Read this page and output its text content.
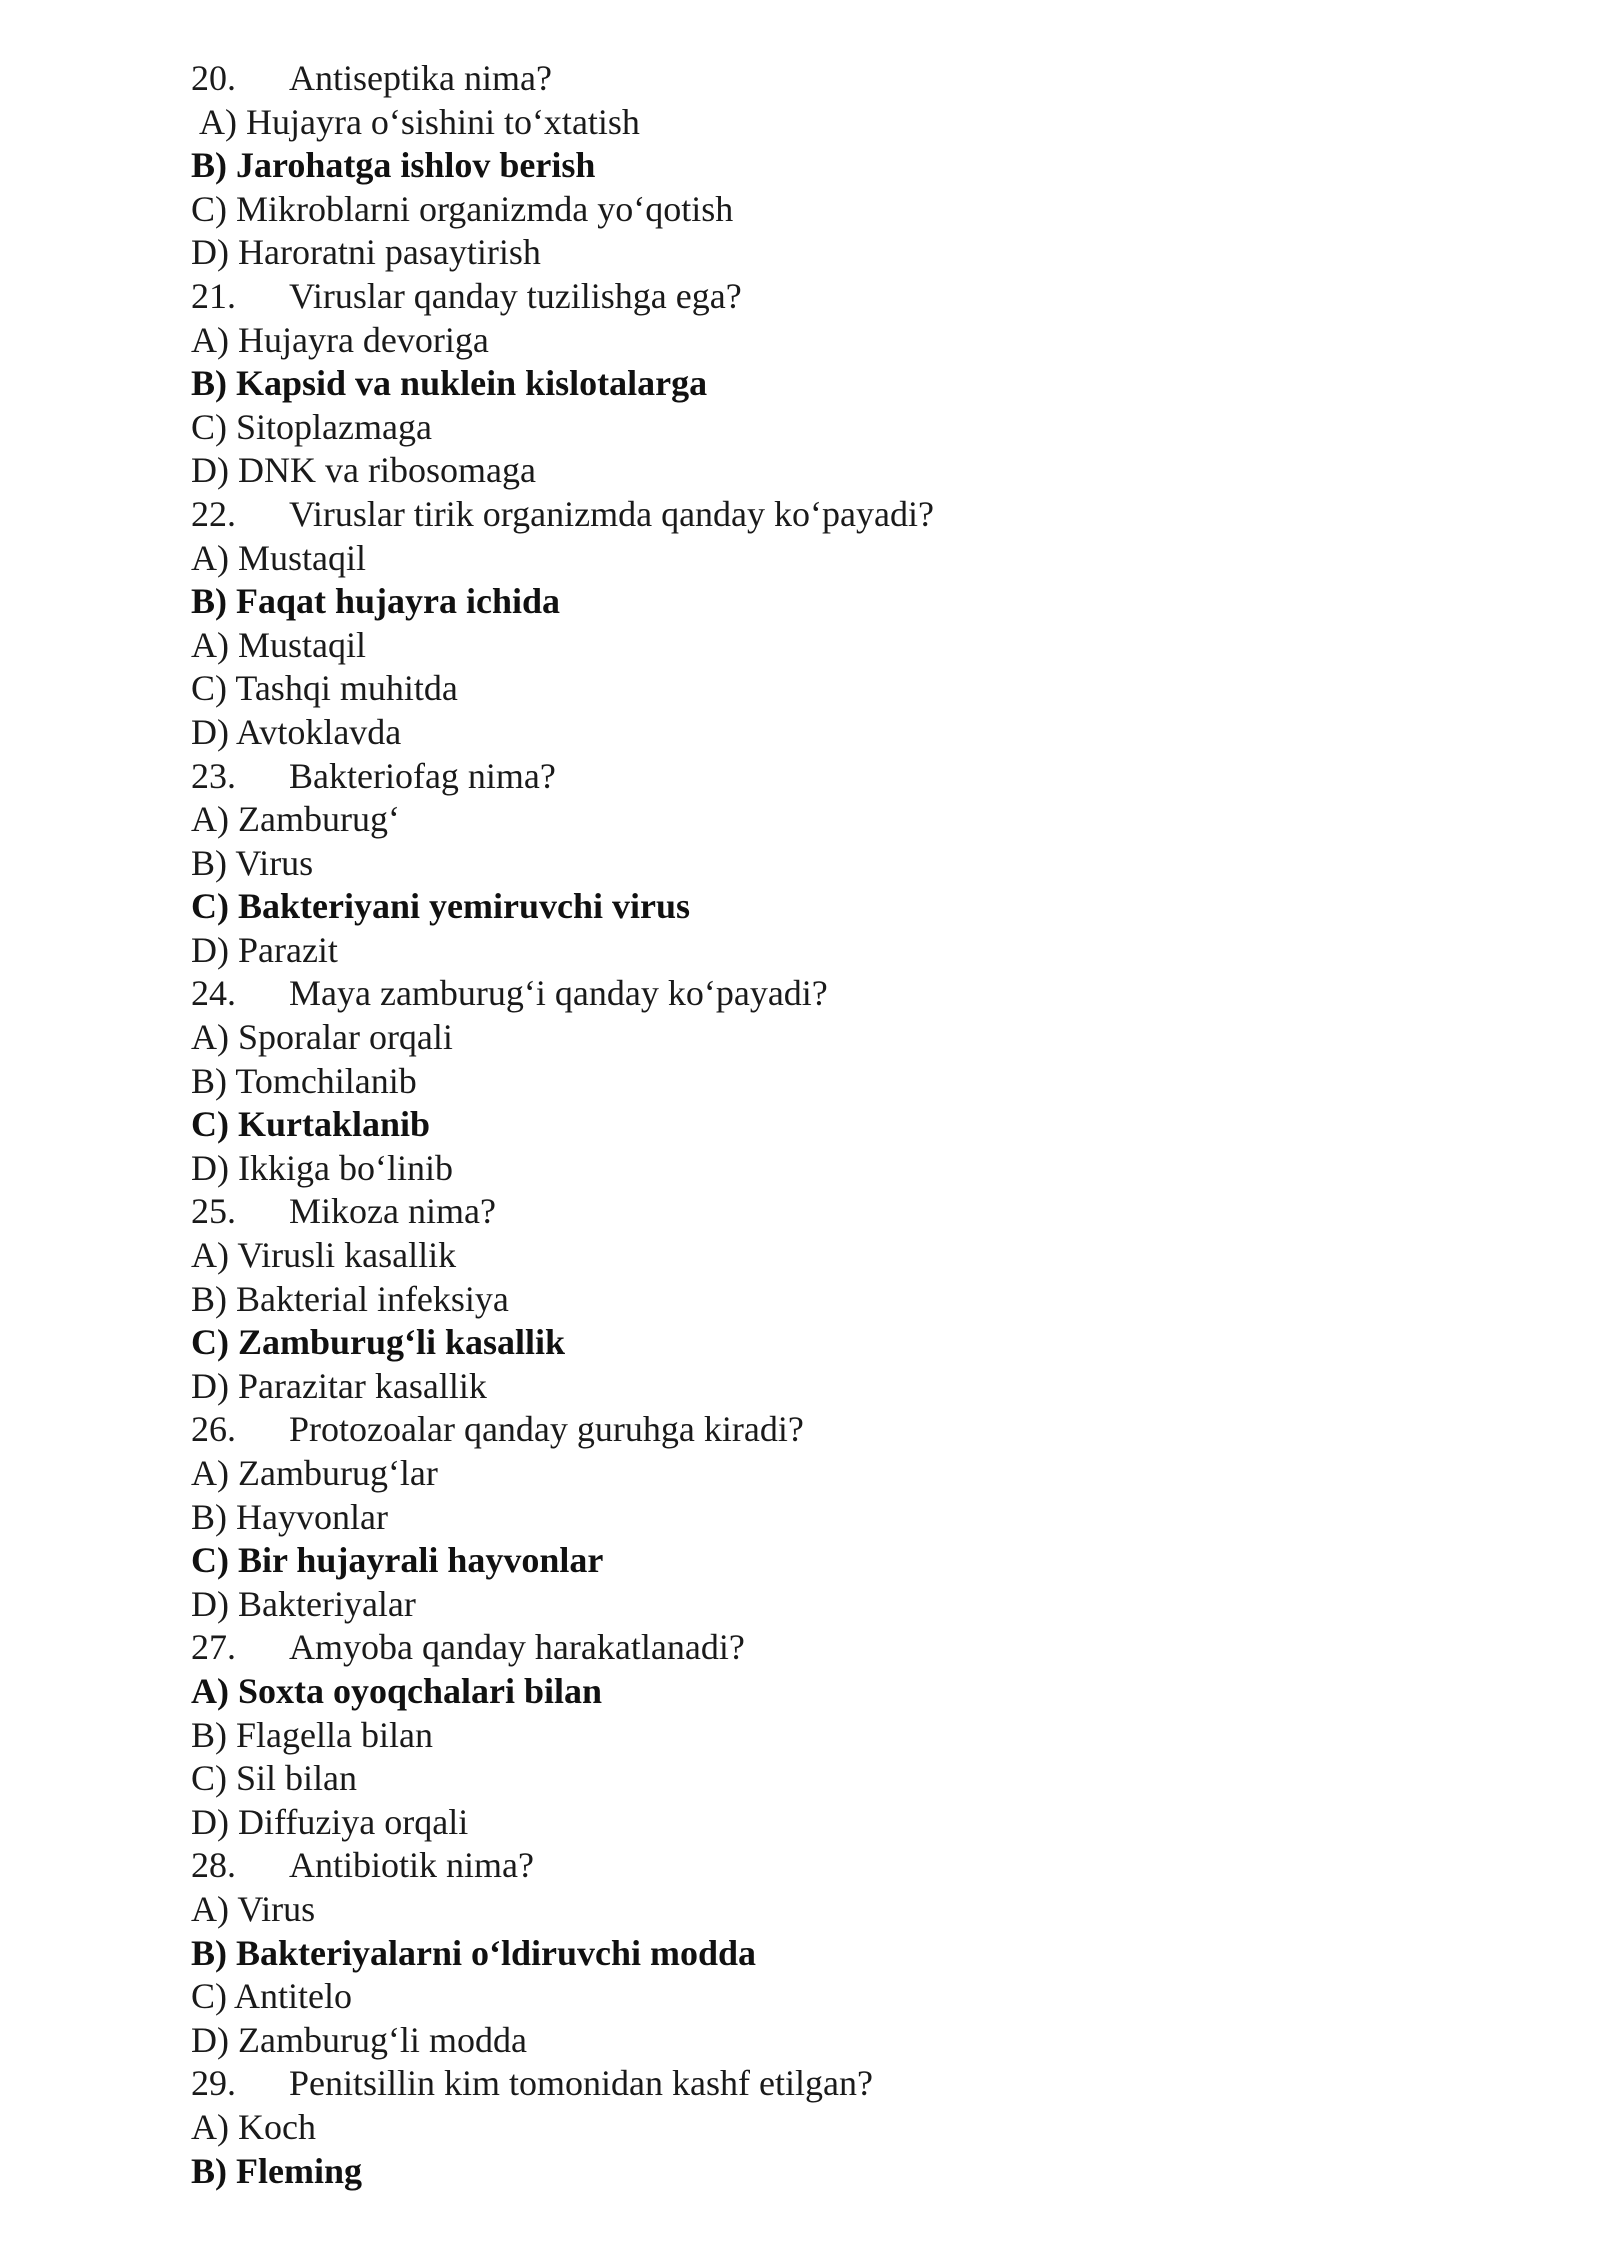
20. Antiseptika nima?
A) Hujayra o‘sishini to‘xtatish
B) Jarohatga ishlov berish
C) Mikroblarni organizmda yo‘qotish
D) Haroratni pasaytirish
21. Viruslar qanday tuzilishga ega?
A) Hujayra devoriga
B) Kapsid va nuklein kislotalarga
C) Sitoplazmaga
D) DNK va ribosomaga
22. Viruslar tirik organizmda qanday ko‘payadi?
A) Mustaqil
B) Faqat hujayra ichida
A) Mustaqil
C) Tashqi muhitda
D) Avtoklavda
23. Bakteriofag nima?
A) Zamburug‘
B) Virus
C) Bakteriyani yemiruvchi virus
D) Parazit
24. Maya zamburug‘i qanday ko‘payadi?
A) Sporalar orqali
B) Tomchilanib
C) Kurtaklanib
D) Ikkiga bo‘linib
25. Mikoza nima?
A) Virusli kasallik
B) Bakterial infeksiya
C) Zamburug‘li kasallik
D) Parazitar kasallik
26. Protozoalar qanday guruhga kiradi?
A) Zamburug‘lar
B) Hayvonlar
C) Bir hujayrali hayvonlar
D) Bakteriyalar
27. Amyoba qanday harakatlanadi?
A) Soxta oyoqchalari bilan
B) Flagella bilan
C) Sil bilan
D) Diffuziya orqali
28. Antibiotik nima?
A) Virus
B) Bakteriyalarni o‘ldiruvchi modda
C) Antitelo
D) Zamburug‘li modda
29. Penitsillin kim tomonidan kashf etilgan?
A) Koch
B) Fleming
